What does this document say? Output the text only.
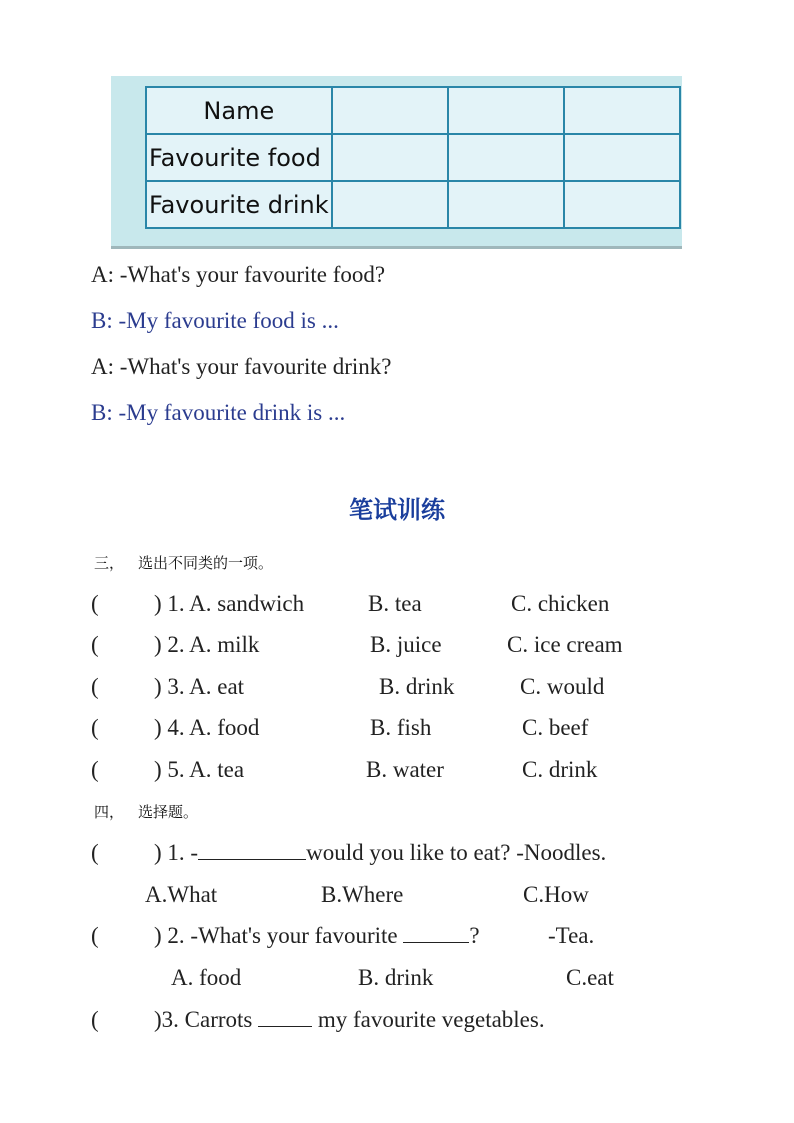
Name			
Favourite food			
Favourite drink			
A: -What's your favourite food?
B: -My favourite food is ...
A: -What's your favourite drink?
B: -My favourite drink is ...
笔试训练
三， 选出不同类的一项。
( ) 1. A. sandwich	B. tea	C. chicken
( ) 2. A. milk	B. juice	C. ice cream
( ) 3. A. eat	B. drink	C. would
( ) 4. A. food	B. fish	C. beef
( ) 5. A. tea	B. water	C. drink
四， 选择题。
( ) 1. -	would you like to eat? -Noodles.
A.What	B.Where	C.How
( ) 2. -What's your favourite	?	-Tea.
A. food	B. drink	C.eat
( )3. Carrots	my favourite vegetables.
